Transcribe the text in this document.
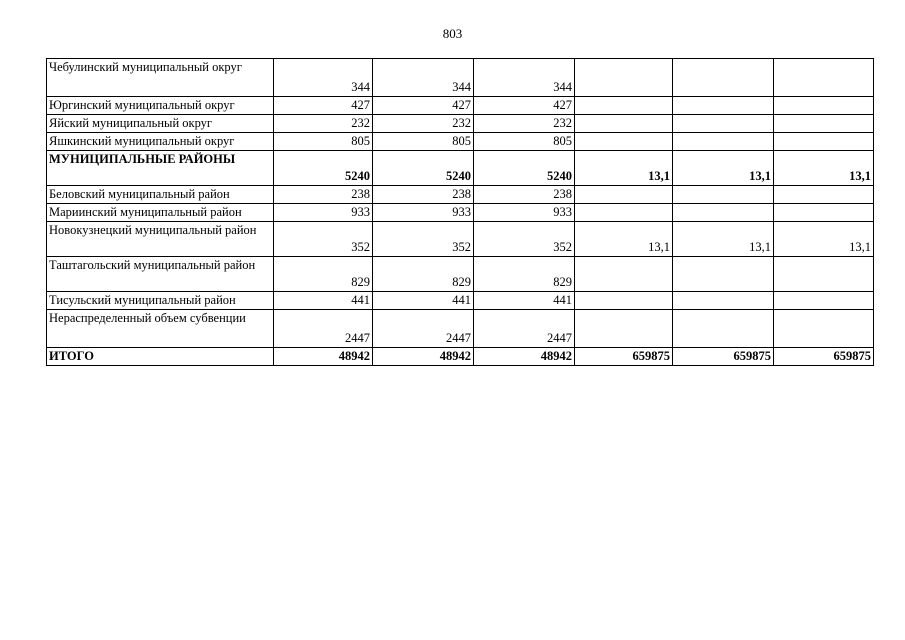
803
Чебулинский муниципальный округ	344	344	344			
Юргинский муниципальный округ	427	427	427			
Яйский муниципальный округ	232	232	232			
Яшкинский муниципальный округ	805	805	805			
МУНИЦИПАЛЬНЫЕ РАЙОНЫ	5240	5240	5240	13,1	13,1	13,1
Беловский муниципальный район	238	238	238			
Мариинский муниципальный район	933	933	933			
Новокузнецкий муниципальный район	352	352	352	13,1	13,1	13,1
Таштагольский муниципальный район	829	829	829			
Тисульский муниципальный район	441	441	441			
Нераспределенный объем субвенции	2447	2447	2447			
ИТОГО	48942	48942	48942	659875	659875	659875
